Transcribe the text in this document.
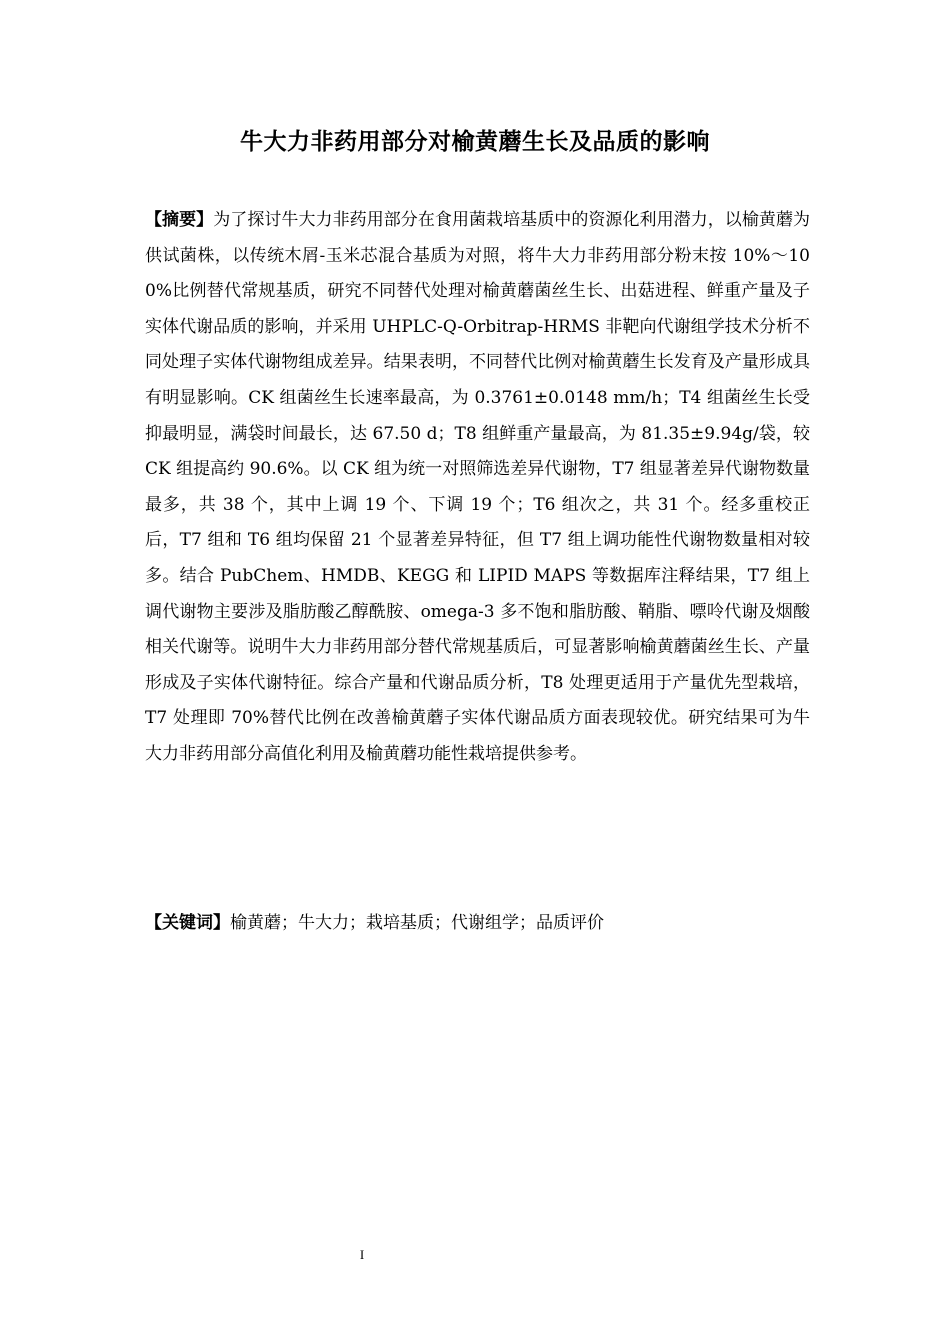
牛大力非药用部分对榆黄蘑生长及品质的影响

【摘要】为了探讨牛大力非药用部分在食用菌栽培基质中的资源化利用潜力，以榆黄蘑为供试菌株，以传统木屑-玉米芯混合基质为对照，将牛大力非药用部分粉末按 10%～100%比例替代常规基质，研究不同替代处理对榆黄蘑菌丝生长、出菇进程、鲜重产量及子实体代谢品质的影响，并采用 UHPLC-Q-Orbitrap-HRMS 非靶向代谢组学技术分析不同处理子实体代谢物组成差异。结果表明，不同替代比例对榆黄蘑生长发育及产量形成具有明显影响。CK 组菌丝生长速率最高，为 0.3761±0.0148 mm/h；T4 组菌丝生长受抑最明显，满袋时间最长，达 67.50 d；T8 组鲜重产量最高，为 81.35±9.94g/袋，较 CK 组提高约 90.6%。以 CK 组为统一对照筛选差异代谢物，T7 组显著差异代谢物数量最多，共 38 个，其中上调 19 个、下调 19 个；T6 组次之，共 31 个。经多重校正后，T7 组和 T6 组均保留 21 个显著差异特征，但 T7 组上调功能性代谢物数量相对较多。结合 PubChem、HMDB、KEGG 和 LIPID MAPS 等数据库注释结果，T7 组上调代谢物主要涉及脂肪酸乙醇酰胺、omega-3 多不饱和脂肪酸、鞘脂、嘌呤代谢及烟酸相关代谢等。说明牛大力非药用部分替代常规基质后，可显著影响榆黄蘑菌丝生长、产量形成及子实体代谢特征。综合产量和代谢品质分析，T8 处理更适用于产量优先型栽培，T7 处理即 70%替代比例在改善榆黄蘑子实体代谢品质方面表现较优。研究结果可为牛大力非药用部分高值化利用及榆黄蘑功能性栽培提供参考。

【关键词】榆黄蘑；牛大力；栽培基质；代谢组学；品质评价

I
